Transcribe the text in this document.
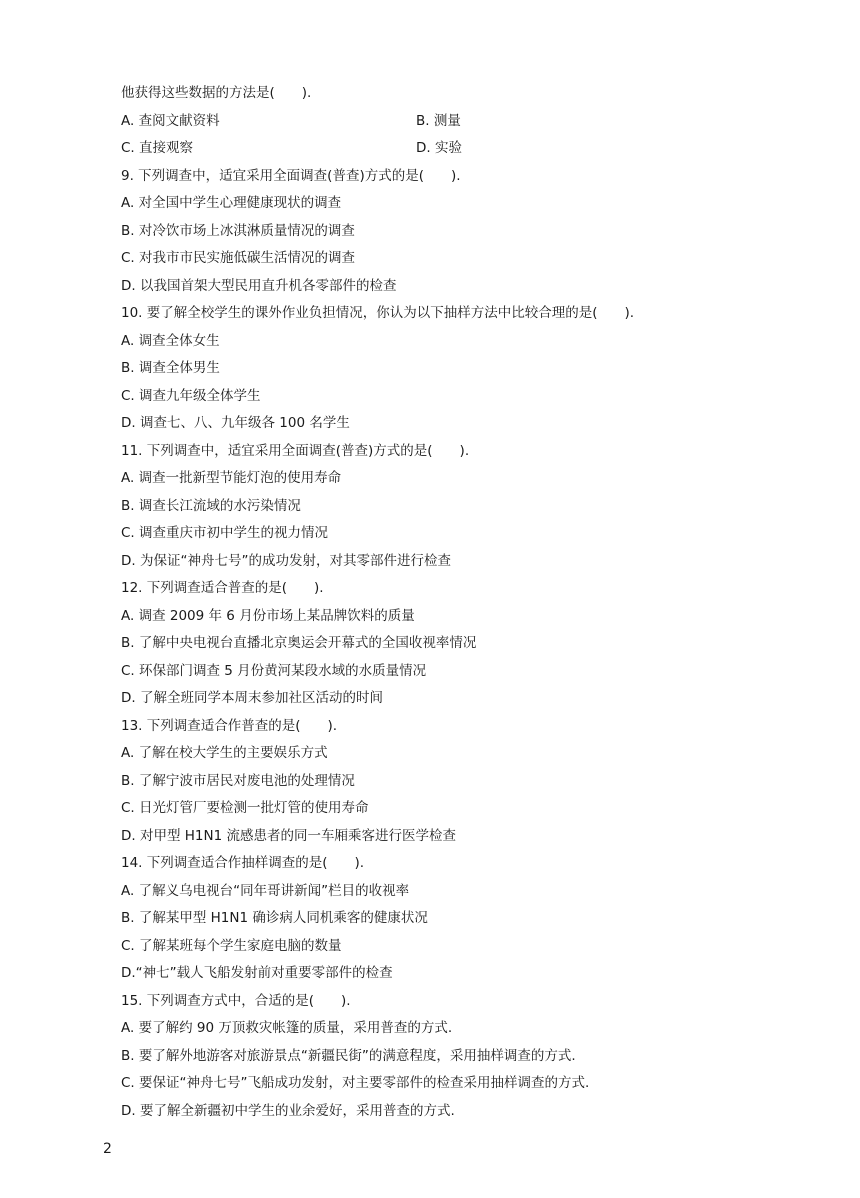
他获得这些数据的方法是(　　).
A. 查阅文献资料	B. 测量
C. 直接观察	D. 实验
9. 下列调查中，适宜采用全面调查(普查)方式的是(　　).
A. 对全国中学生心理健康现状的调查
B. 对冷饮市场上冰淇淋质量情况的调查
C. 对我市市民实施低碳生活情况的调查
D. 以我国首架大型民用直升机各零部件的检查
10. 要了解全校学生的课外作业负担情况，你认为以下抽样方法中比较合理的是(　　).
A. 调查全体女生
B. 调查全体男生
C. 调查九年级全体学生
D. 调查七、八、九年级各 100 名学生
11. 下列调查中，适宜采用全面调查(普查)方式的是(　　).
A. 调查一批新型节能灯泡的使用寿命
B. 调查长江流域的水污染情况
C. 调查重庆市初中学生的视力情况
D. 为保证“神舟七号”的成功发射，对其零部件进行检查
12. 下列调查适合普查的是(　　).
A. 调查 2009 年 6 月份市场上某品牌饮料的质量
B. 了解中央电视台直播北京奥运会开幕式的全国收视率情况
C. 环保部门调查 5 月份黄河某段水域的水质量情况
D. 了解全班同学本周末参加社区活动的时间
13. 下列调查适合作普查的是(　　).
A. 了解在校大学生的主要娱乐方式
B. 了解宁波市居民对废电池的处理情况
C. 日光灯管厂要检测一批灯管的使用寿命
D. 对甲型 H1N1 流感患者的同一车厢乘客进行医学检查
14. 下列调查适合作抽样调查的是(　　).
A. 了解义乌电视台“同年哥讲新闻”栏目的收视率
B. 了解某甲型 H1N1 确诊病人同机乘客的健康状况
C. 了解某班每个学生家庭电脑的数量
D.“神七”载人飞船发射前对重要零部件的检查
15. 下列调查方式中，合适的是(　　).
A. 要了解约 90 万顶救灾帐篷的质量，采用普查的方式.
B. 要了解外地游客对旅游景点“新疆民街”的满意程度，采用抽样调查的方式.
C. 要保证“神舟七号”飞船成功发射，对主要零部件的检查采用抽样调查的方式.
D. 要了解全新疆初中学生的业余爱好，采用普查的方式.
2
